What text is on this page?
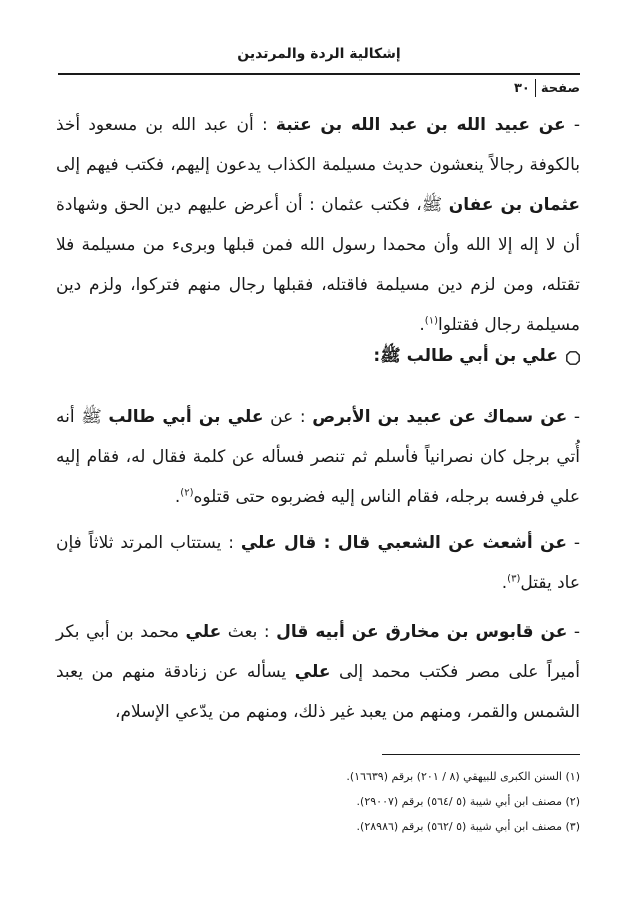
إشكالية الردة والمرتدين
صفحة
٣٠

- عن عبيد الله بن عبد الله بن عتبة : أن عبد الله بن مسعود أخذ بالكوفة رجالاً ينعشون حديث مسيلمة الكذاب يدعون إليهم، فكتب فيهم إلى عثمان بن عفان ﷺ، فكتب عثمان : أن أعرض عليهم دين الحق وشهادة أن لا إله إلا الله وأن محمدا رسول الله فمن قبلها وبرىء من مسيلمة فلا تقتله، ومن لزم دين مسيلمة فاقتله، فقبلها رجال منهم فتركوا، ولزم دين مسيلمة رجال فقتلوا$^{(١)}$.

علي بن أبي طالب ﷺ:

- عن سماك عن عبيد بن الأبرص : عن علي بن أبي طالب ﷺ أنه أُتي برجل كان نصرانياً فأسلم ثم تنصر فسأله عن كلمة فقال له، فقام إليه علي فرفسه برجله، فقام الناس إليه فضربوه حتى قتلوه$^{(٢)}$.

- عن أشعث عن الشعبي قال : قال علي : يستتاب المرتد ثلاثاً فإن عاد يقتل$^{(٣)}$.

- عن قابوس بن مخارق عن أبيه قال : بعث علي محمد بن أبي بكر أميراً على مصر فكتب محمد إلى علي يسأله عن زنادقة منهم من يعبد الشمس والقمر، ومنهم من يعبد غير ذلك، ومنهم من يدّعي الإسلام،

(١) السنن الكبرى للبيهقي (٨ / ٢٠١) برقم (١٦٦٣٩).
(٢) مصنف ابن أبي شيبة (٥ /٥٦٤) برقم (٢٩٠٠٧).
(٣) مصنف ابن أبي شيبة (٥ /٥٦٢) برقم (٢٨٩٨٦).
